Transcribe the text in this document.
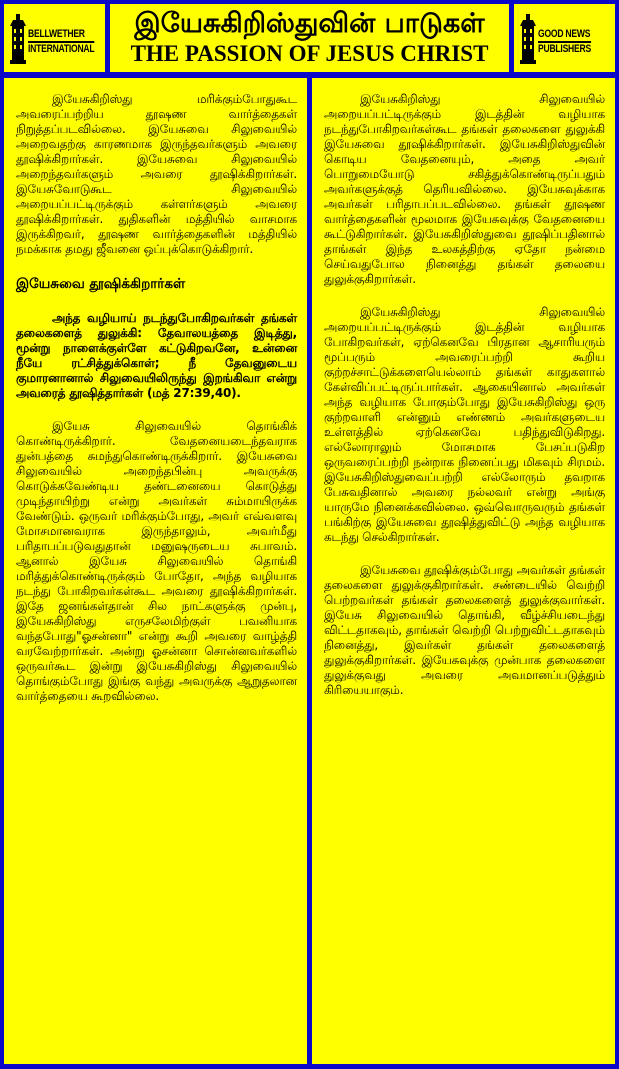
BELLWETHER
INTERNATIONAL
இயேசுகிறிஸ்துவின் பாடுகள்
THE PASSION OF JESUS CHRIST
GOOD NEWS
PUBLISHERS

இயேசுகிறிஸ்து மரிக்கும்போதுகூட அவரைப்பற்றிய தூஷண வார்த்தைகள் நிறுத்தப்படவில்லை. இயேசுவை சிலுவையில் அறைவதற்கு காரணமாக இருந்தவர்களும் அவரை தூஷிக்கிறார்கள். இயேசுவை சிலுவையில் அறைந்தவர்களும் அவரை தூஷிக்கிறார்கள். இயேசுவோடுகூட சிலுவையில் அறையப்பட்டிருக்கும் கள்ளர்களும் அவரை தூஷிக்கிறார்கள். துதிகளின் மத்தியில் வாசமாக இருக்கிறவர், தூஷண வார்த்தைகளின் மத்தியில் நமக்காக தமது ஜீவனை ஒப்புக்கொடுக்கிறார்.

இயேசுவை தூஷிக்கிறார்கள்

அந்த வழியாய் நடந்துபோகிறவர்கள் தங்கள் தலைகளைத் துலுக்கி: தேவாலயத்தை இடித்து, மூன்று நாளைக்குள்ளே கட்டுகிறவனே, உன்னை நீயே ரட்சித்துக்கொள்; நீ தேவனுடைய குமாரனானால் சிலுவையிலிருந்து இறங்கிவா என்று அவரைத் தூஷித்தார்கள் (மத் 27:39,40).

இயேசு சிலுவையில் தொங்கிக் கொண்டிருக்கிறார். வேதனையடைந்தவராக துன்பத்தை சுமந்துகொண்டிருக்கிறார். இயேசுவை சிலுவையில் அறைந்தபின்பு அவருக்கு கொடுக்கவேண்டிய தண்டனையை கொடுத்து முடிந்தாயிற்று என்று அவர்கள் சும்மாயிருக்க வேண்டும். ஒருவர் மரிக்கும்போது, அவர் எவ்வளவு மோசமானவராக இருந்தாலும், அவர்மீது பரிதாபப்படுவதுதான் மனுஷருடைய சுபாவம். ஆனால் இயேசு சிலுவையில் தொங்கி மரித்துக்கொண்டிருக்கும் போதோ, அந்த வழியாக நடந்து போகிறவர்கள்கூட அவரை தூஷிக்கிறார்கள். இதே ஜனங்கள்தான் சில நாட்களுக்கு முன்பு, இயேசுகிறிஸ்து எருசலேமிற்குள் பவனியாக வந்தபோது"ஓசன்னா" என்று கூறி அவரை வாழ்த்தி வரவேற்றார்கள். அன்று ஓசன்னா சொன்னவர்களில் ஒருவர்கூட இன்று இயேசுகிறிஸ்து சிலுவையில் தொங்கும்போது இங்கு வந்து அவருக்கு ஆறுதலான வார்த்தையை கூறவில்லை.

இயேசுகிறிஸ்து சிலுவையில் அறையப்பட்டிருக்கும் இடத்தின் வழியாக நடந்துபோகிறவர்கள்கூட தங்கள் தலைகளை துலுக்கி இயேசுவை தூஷிக்கிறார்கள். இயேசுகிறிஸ்துவின் கொடிய வேதனையும், அதை அவர் பொறுமையோடு சகித்துக்கொண்டிருப்பதும் அவர்களுக்குத் தெரியவில்லை. இயேசுவுக்காக அவர்கள் பரிதாபப்படவில்லை. தங்கள் தூஷண வார்த்தைகளின் மூலமாக இயேசுவுக்கு வேதனையை கூட்டுகிறார்கள். இயேசுகிறிஸ்துவை தூஷிப்பதினால் தாங்கள் இந்த உலகத்திற்கு ஏதோ நன்மை செய்வதுபோல நினைத்து தங்கள் தலையை துலுக்குகிறார்கள்.

இயேசுகிறிஸ்து சிலுவையில் அறையப்பட்டிருக்கும் இடத்தின் வழியாக போகிறவர்கள், ஏற்கெனவே பிரதான ஆசாரியரும் மூப்பரும் அவரைப்பற்றி கூறிய குற்றச்சாட்டுக்களையெல்லாம் தங்கள் காதுகளால் கேள்விப்பட்டிருப்பார்கள். ஆகையினால் அவர்கள் அந்த வழியாக போகும்போது இயேசுகிறிஸ்து ஒரு குற்றவாளி என்னும் எண்ணம் அவர்களுடைய உள்ளத்தில் ஏற்கெனவே பதிந்துவிடுகிறது. எல்லோராலும் மோசமாக பேசப்படுகிற ஒருவரைப்பற்றி நன்றாக நினைப்பது மிகவும் சிரமம். இயேசுகிறிஸ்துவைப்பற்றி எல்லோரும் தவறாக பேசுவதினால் அவரை நல்லவர் என்று அங்கு யாருமே நினைக்கவில்லை. ஒவ்வொருவரும் தங்கள் பங்கிற்கு இயேசுவை தூஷித்துவிட்டு அந்த வழியாக கடந்து செல்கிறார்கள்.

இயேசுவை தூஷிக்கும்போது அவர்கள் தங்கள் தலைகளை துலுக்குகிறார்கள். சண்டையில் வெற்றி பெற்றவர்கள் தங்கள் தலைகளைத் துலுக்குவார்கள். இயேசு சிலுவையில் தொங்கி, வீழ்ச்சியடைந்து விட்டதாகவும், தாங்கள் வெற்றி பெற்றுவிட்டதாகவும் நினைத்து, இவர்கள் தங்கள் தலைகளைத் துலுக்குகிறார்கள். இயேசுவுக்கு முன்பாக தலைகளை துலுக்குவது அவரை அவமானப்படுத்தும் கிரியையாகும்.
